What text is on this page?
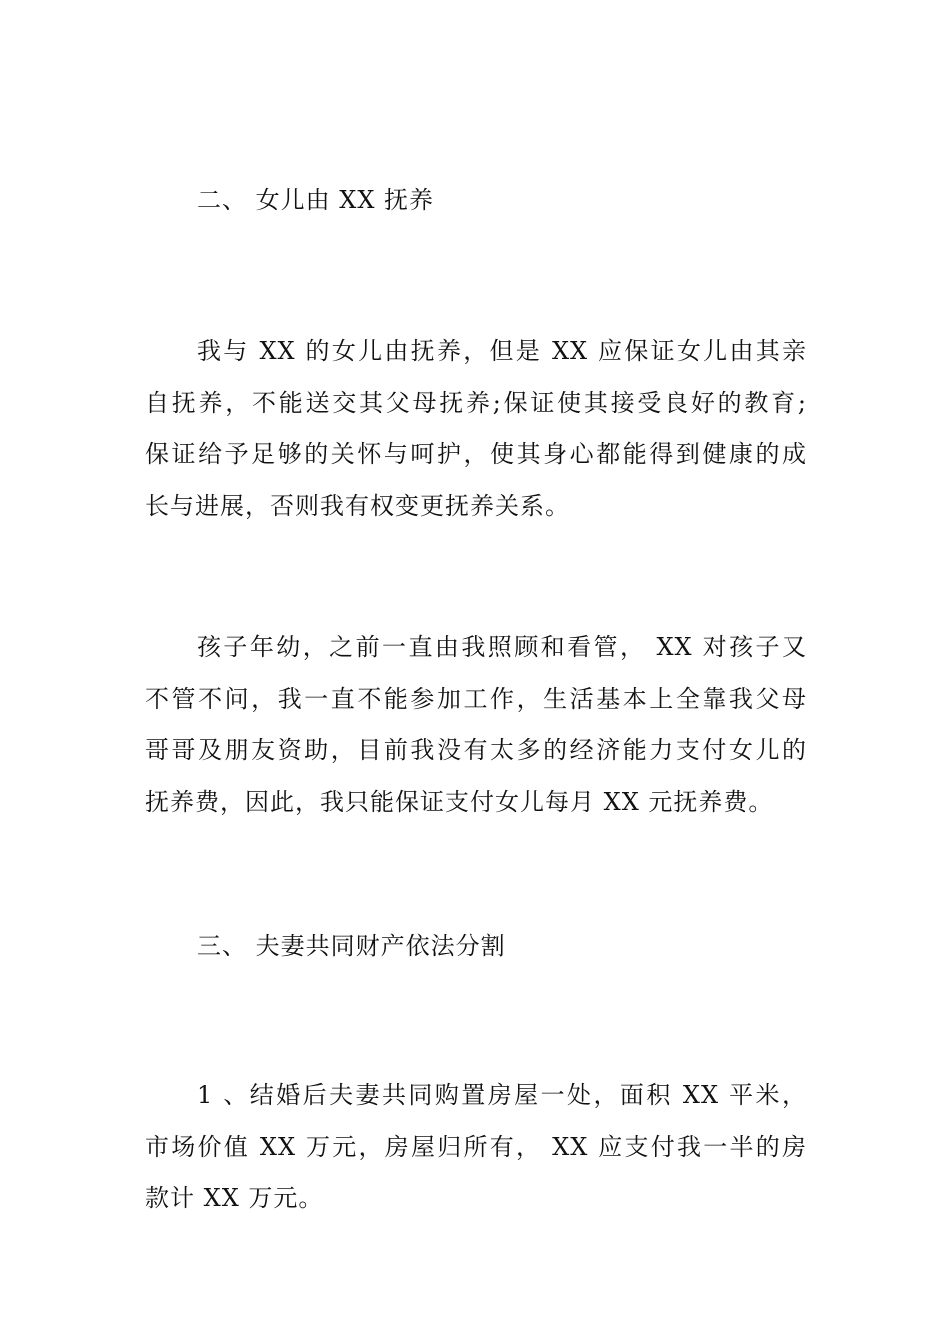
二、 女儿由 XX 抚养
我与 XX 的女儿由抚养，但是 XX 应保证女儿由其亲
自抚养，不能送交其父母抚养;保证使其接受良好的教育;
保证给予足够的关怀与呵护，使其身心都能得到健康的成
长与进展，否则我有权变更抚养关系。
孩子年幼，之前一直由我照顾和看管， XX 对孩子又
不管不问，我一直不能参加工作，生活基本上全靠我父母
哥哥及朋友资助，目前我没有太多的经济能力支付女儿的
抚养费，因此，我只能保证支付女儿每月 XX 元抚养费。
三、 夫妻共同财产依法分割
1 、结婚后夫妻共同购置房屋一处，面积 XX 平米，
市场价值 XX 万元，房屋归所有， XX 应支付我一半的房
款计 XX 万元。
